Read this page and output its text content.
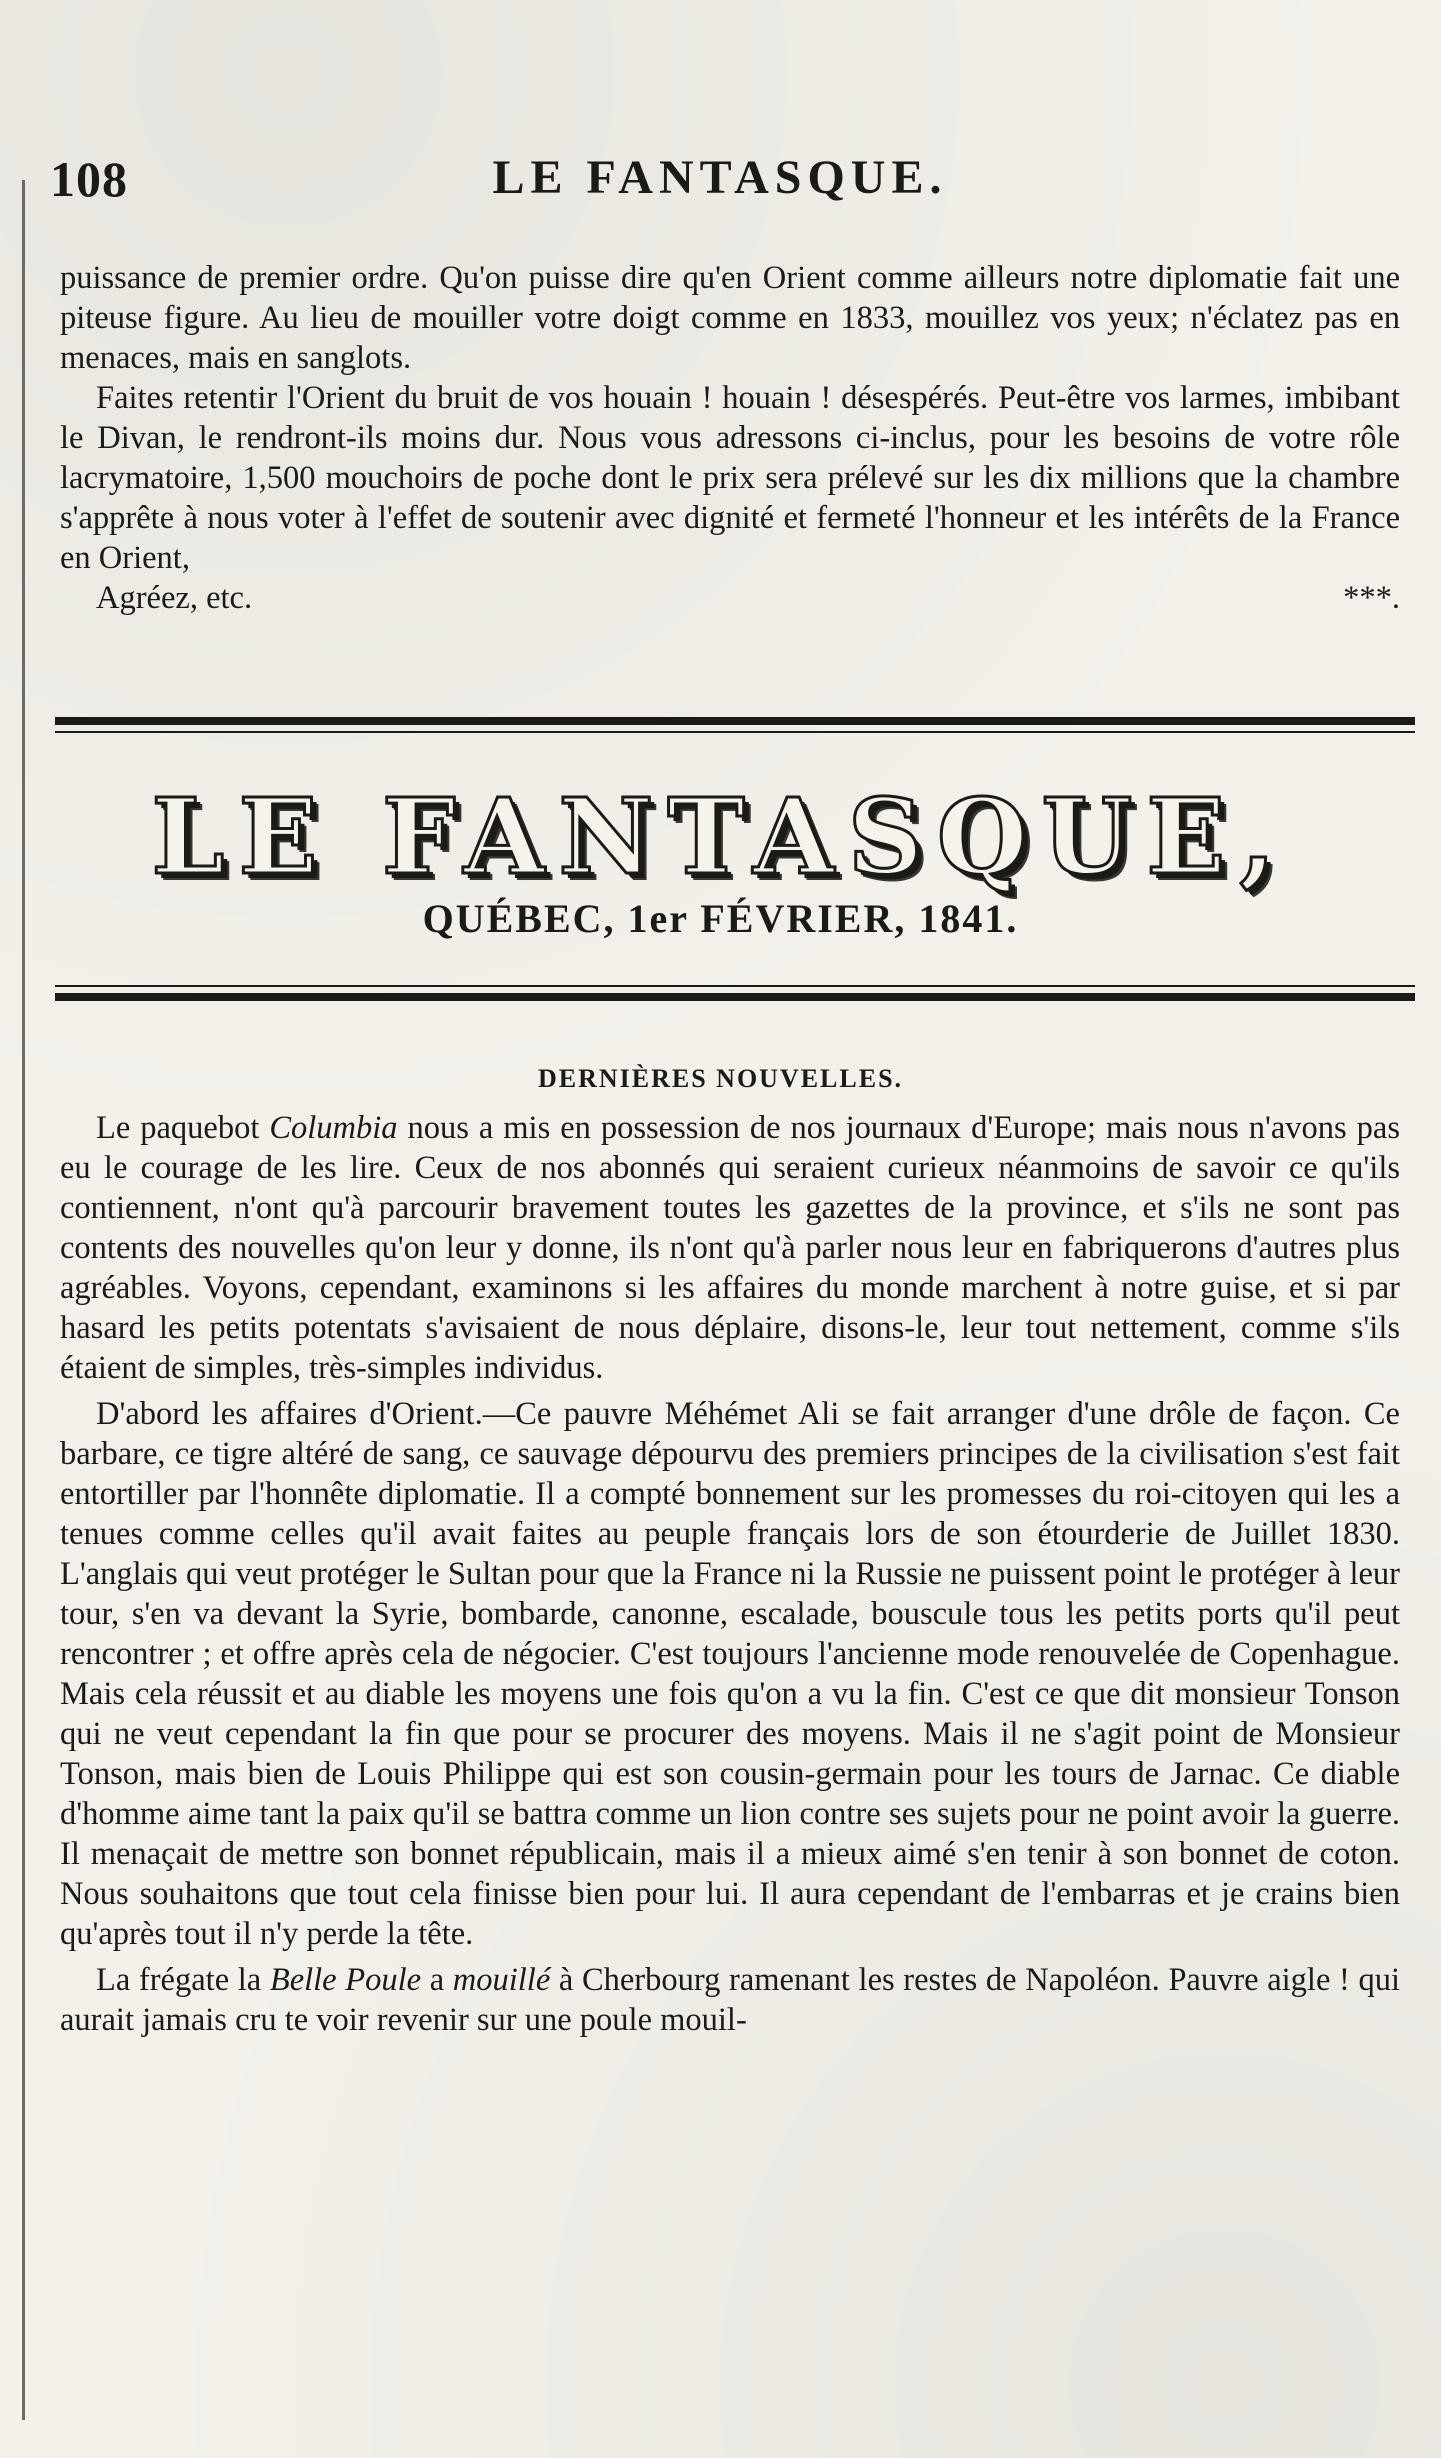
108	LE FANTASQUE.

puissance de premier ordre. Qu'on puisse dire qu'en Orient comme ailleurs notre diplomatie fait une piteuse figure. Au lieu de mouiller votre doigt comme en 1833, mouillez vos yeux; n'éclatez pas en menaces, mais en sanglots.

Faites retentir l'Orient du bruit de vos houain ! houain ! désespérés. Peut-être vos larmes, imbibant le Divan, le rendront-ils moins dur. Nous vous adressons ci-inclus, pour les besoins de votre rôle lacrymatoire, 1,500 mouchoirs de poche dont le prix sera prélevé sur les dix millions que la chambre s'apprête à nous voter à l'effet de soutenir avec dignité et fermeté l'honneur et les intérêts de la France en Orient,

Agréez, etc.	***.
LE FANTASQUE,
QUÉBEC, 1er FÉVRIER, 1841.
DERNIÈRES NOUVELLES.

Le paquebot Columbia nous a mis en possession de nos journaux d'Europe; mais nous n'avons pas eu le courage de les lire. Ceux de nos abonnés qui seraient curieux néanmoins de savoir ce qu'ils contiennent, n'ont qu'à parcourir bravement toutes les gazettes de la province, et s'ils ne sont pas contents des nouvelles qu'on leur y donne, ils n'ont qu'à parler nous leur en fabriquerons d'autres plus agréables. Voyons, cependant, examinons si les affaires du monde marchent à notre guise, et si par hasard les petits potentats s'avisaient de nous déplaire, disons-le, leur tout nettement, comme s'ils étaient de simples, très-simples individus.

D'abord les affaires d'Orient.—Ce pauvre Méhémet Ali se fait arranger d'une drôle de façon. Ce barbare, ce tigre altéré de sang, ce sauvage dépourvu des premiers principes de la civilisation s'est fait entortiller par l'honnête diplomatie. Il a compté bonnement sur les promesses du roi-citoyen qui les a tenues comme celles qu'il avait faites au peuple français lors de son étourderie de Juillet 1830. L'anglais qui veut protéger le Sultan pour que la France ni la Russie ne puissent point le protéger à leur tour, s'en va devant la Syrie, bombarde, canonne, escalade, bouscule tous les petits ports qu'il peut rencontrer ; et offre après cela de négocier. C'est toujours l'ancienne mode renouvelée de Copenhague. Mais cela réussit et au diable les moyens une fois qu'on a vu la fin. C'est ce que dit monsieur Tonson qui ne veut cependant la fin que pour se procurer des moyens. Mais il ne s'agit point de Monsieur Tonson, mais bien de Louis Philippe qui est son cousin-germain pour les tours de Jarnac. Ce diable d'homme aime tant la paix qu'il se battra comme un lion contre ses sujets pour ne point avoir la guerre. Il menaçait de mettre son bonnet républicain, mais il a mieux aimé s'en tenir à son bonnet de coton. Nous souhaitons que tout cela finisse bien pour lui. Il aura cependant de l'embarras et je crains bien qu'après tout il n'y perde la tête.

La frégate la Belle Poule a mouillé à Cherbourg ramenant les restes de Napoléon. Pauvre aigle ! qui aurait jamais cru te voir revenir sur une poule mouil-
